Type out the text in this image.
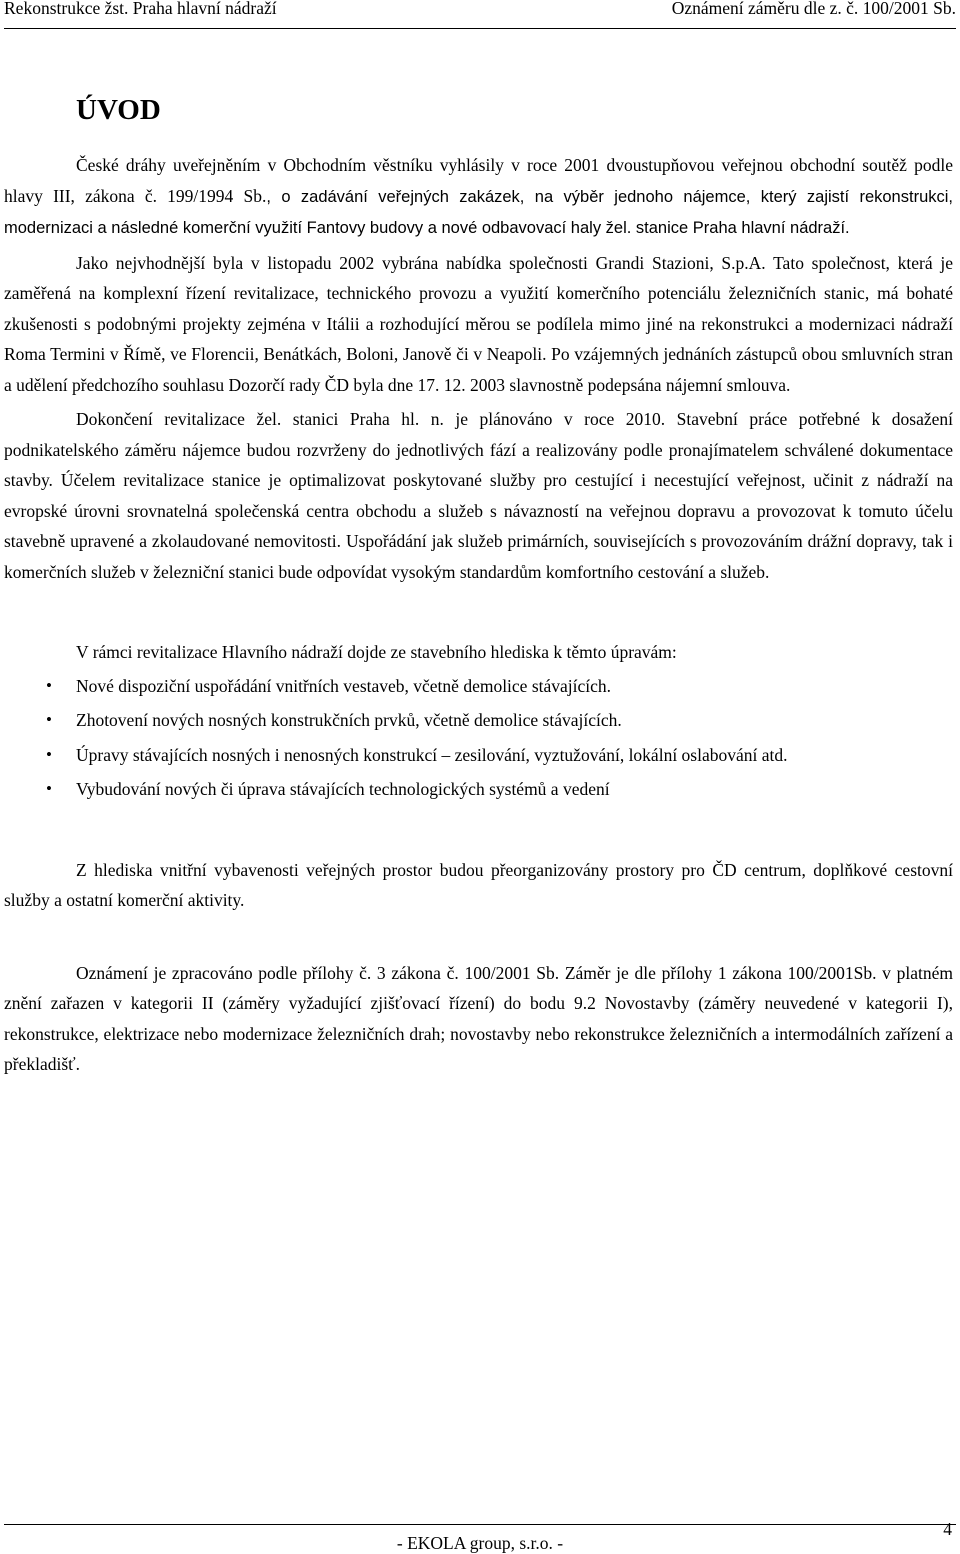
Rekonstrukce žst. Praha hlavní nádraží	Oznámení záměru dle z. č. 100/2001 Sb.
ÚVOD

České dráhy uveřejněním v Obchodním věstníku vyhlásily v roce 2001 dvoustupňovou veřejnou obchodní soutěž podle hlavy III, zákona č. 199/1994 Sb., o zadávání veřejných zakázek, na výběr jednoho nájemce, který zajistí rekonstrukci, modernizaci a následné komerční využití Fantovy budovy a nové odbavovací haly žel. stanice Praha hlavní nádraží.

Jako nejvhodnější byla v listopadu 2002 vybrána nabídka společnosti Grandi Stazioni, S.p.A. Tato společnost, která je zaměřená na komplexní řízení revitalizace, technického provozu a využití komerčního potenciálu železničních stanic, má bohaté zkušenosti s podobnými projekty zejména v Itálii a rozhodující měrou se podílela mimo jiné na rekonstrukci a modernizaci nádraží Roma Termini v Římě, ve Florencii, Benátkách, Boloni, Janově či v Neapoli. Po vzájemných jednáních zástupců obou smluvních stran a udělení předchozího souhlasu Dozorčí rady ČD byla dne 17. 12. 2003 slavnostně podepsána nájemní smlouva.

Dokončení revitalizace žel. stanici Praha hl. n. je plánováno v roce 2010. Stavební práce potřebné k dosažení podnikatelského záměru nájemce budou rozvrženy do jednotlivých fází a realizovány podle pronajímatelem schválené dokumentace stavby. Účelem revitalizace stanice je optimalizovat poskytované služby pro cestující i necestující veřejnost, učinit z nádraží na evropské úrovni srovnatelná společenská centra obchodu a služeb s návazností na veřejnou dopravu a provozovat k tomuto účelu stavebně upravené a zkolaudované nemovitosti. Uspořádání jak služeb primárních, souvisejících s provozováním drážní dopravy, tak i komerčních služeb v železniční stanici bude odpovídat vysokým standardům komfortního cestování a služeb.

V rámci revitalizace Hlavního nádraží dojde ze stavebního hlediska k těmto úpravám:

• Nové dispoziční uspořádání vnitřních vestaveb, včetně demolice stávajících.
• Zhotovení nových nosných konstrukčních prvků, včetně demolice stávajících.
• Úpravy stávajících nosných i nenosných konstrukcí – zesilování, vyztužování, lokální oslabování atd.
• Vybudování nových či úprava stávajících technologických systémů a vedení

Z hlediska vnitřní vybavenosti veřejných prostor budou přeorganizovány prostory pro ČD centrum, doplňkové cestovní služby a ostatní komerční aktivity.

Oznámení je zpracováno podle přílohy č. 3 zákona č. 100/2001 Sb. Záměr je dle přílohy 1 zákona 100/2001Sb. v platném znění zařazen v kategorii II (záměry vyžadující zjišťovací řízení) do bodu 9.2 Novostavby (záměry neuvedené v kategorii I), rekonstrukce, elektrizace nebo modernizace železničních drah; novostavby nebo rekonstrukce železničních a intermodálních zařízení a překladišť.

- EKOLA group, s.r.o. -
4
